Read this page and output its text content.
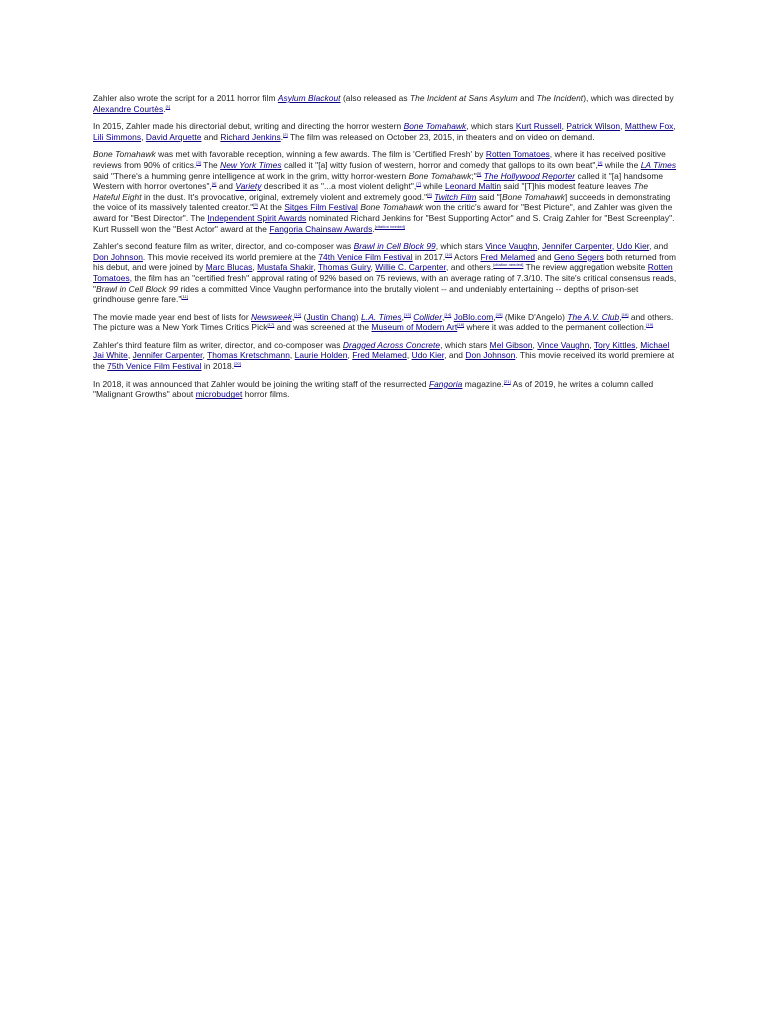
Zahler also wrote the script for a 2011 horror film Asylum Blackout (also released as The Incident at Sans Asylum and The Incident), which was directed by Alexandre Courtès.[1]

In 2015, Zahler made his directorial debut, writing and directing the horror western Bone Tomahawk, which stars Kurt Russell, Patrick Wilson, Matthew Fox, Lili Simmons, David Arquette and Richard Jenkins.[2] The film was released on October 23, 2015, in theaters and on video on demand.

Bone Tomahawk was met with favorable reception, winning a few awards. The film is 'Certified Fresh' by Rotten Tomatoes, where it has received positive reviews from 90% of critics.[3] The New York Times called it "[a] witty fusion of western, horror and comedy that gallops to its own beat",[4] while the LA Times said "There's a humming genre intelligence at work in the grim, witty horror-western Bone Tomahawk;"[5] The Hollywood Reporter called it "[a] handsome Western with horror overtones",[6] and Variety described it as "...a most violent delight",[7] while Leonard Maltin said "[T]his modest feature leaves The Hateful Eight in the dust. It's provocative, original, extremely violent and extremely good."[8] Twitch Film said "[Bone Tomahawk] succeeds in demonstrating the voice of its massively talented creator."[9] At the Sitges Film Festival Bone Tomahawk won the critic's award for "Best Picture", and Zahler was given the award for "Best Director". The Independent Spirit Awards nominated Richard Jenkins for "Best Supporting Actor" and S. Craig Zahler for "Best Screenplay". Kurt Russell won the "Best Actor" award at the Fangoria Chainsaw Awards.[citation needed]

Zahler's second feature film as writer, director, and co-composer was Brawl in Cell Block 99, which stars Vince Vaughn, Jennifer Carpenter, Udo Kier, and Don Johnson. This movie received its world premiere at the 74th Venice Film Festival in 2017.[10] Actors Fred Melamed and Geno Segers both returned from his debut, and were joined by Marc Blucas, Mustafa Shakir, Thomas Guiry, Willie C. Carpenter, and others.[citation needed] The review aggregation website Rotten Tomatoes, the film has an "certified fresh" approval rating of 92% based on 75 reviews, with an average rating of 7.3/10. The site's critical consensus reads, "Brawl in Cell Block 99 rides a committed Vince Vaughn performance into the brutally violent -- and undeniably entertaining -- depths of prison-set grindhouse genre fare."[11]

The movie made year end best of lists for Newsweek,[12] (Justin Chang) L.A. Times,[13] Collider,[14] JoBlo.com,[15] (Mike D'Angelo) The A.V. Club,[16] and others. The picture was a New York Times Critics Pick[17] and was screened at the Museum of Modern Art[18] where it was added to the permanent collection.[19]

Zahler's third feature film as writer, director, and co-composer was Dragged Across Concrete, which stars Mel Gibson, Vince Vaughn, Tory Kittles, Michael Jai White, Jennifer Carpenter, Thomas Kretschmann, Laurie Holden, Fred Melamed, Udo Kier, and Don Johnson. This movie received its world premiere at the 75th Venice Film Festival in 2018.[20]

In 2018, it was announced that Zahler would be joining the writing staff of the resurrected Fangoria magazine.[21] As of 2019, he writes a column called "Malignant Growths" about microbudget horror films.
